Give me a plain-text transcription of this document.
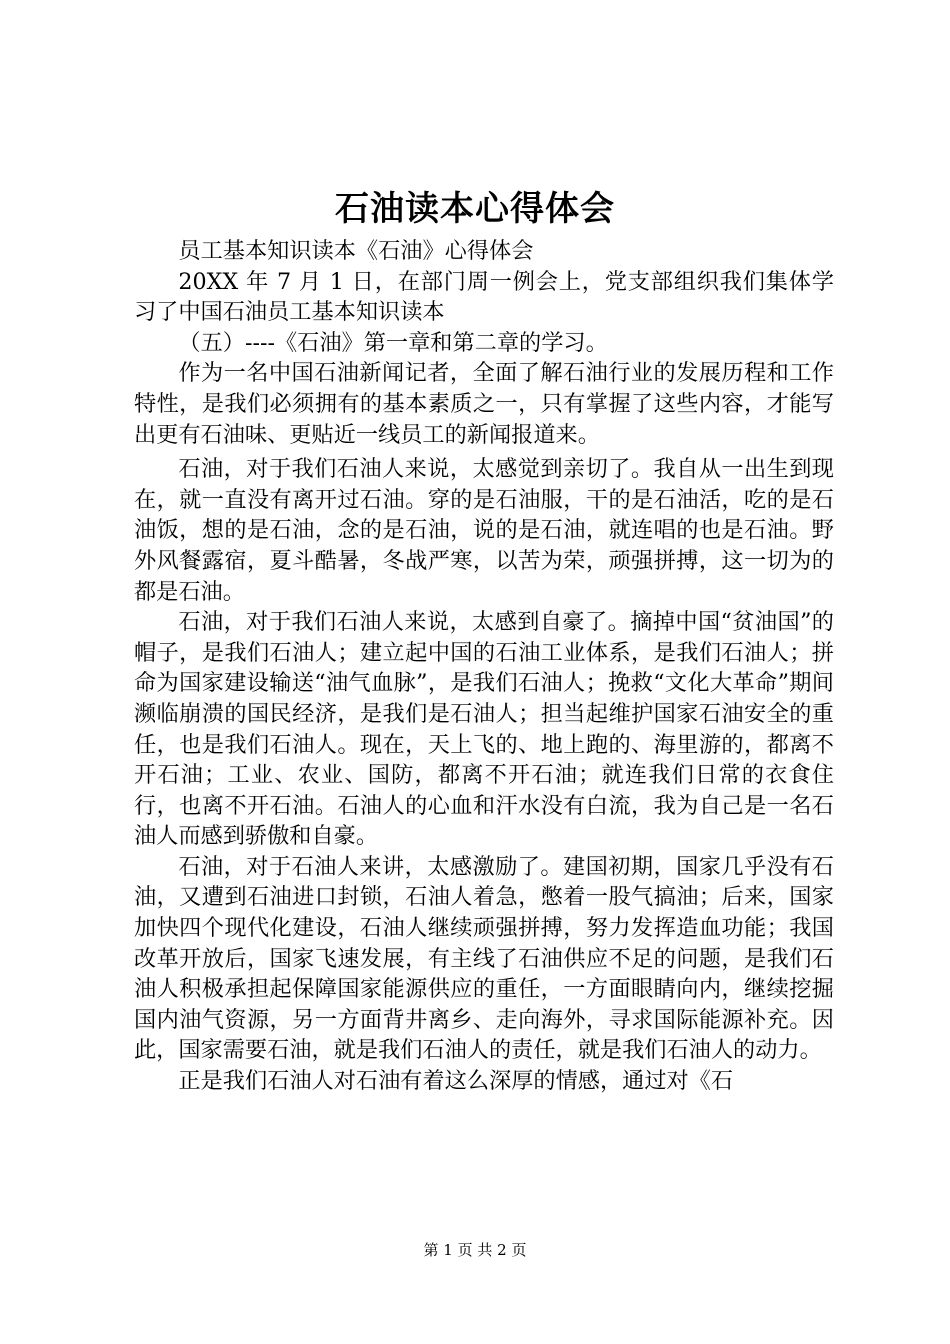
石油读本心得体会

员工基本知识读本《石油》心得体会

20XX 年 7 月 1 日，在部门周一例会上，党支部组织我们集体学习了中国石油员工基本知识读本

（五）----《石油》第一章和第二章的学习。

作为一名中国石油新闻记者，全面了解石油行业的发展历程和工作特性，是我们必须拥有的基本素质之一，只有掌握了这些内容，才能写出更有石油味、更贴近一线员工的新闻报道来。

石油，对于我们石油人来说，太感觉到亲切了。我自从一出生到现在，就一直没有离开过石油。穿的是石油服，干的是石油活，吃的是石油饭，想的是石油，念的是石油，说的是石油，就连唱的也是石油。野外风餐露宿，夏斗酷暑，冬战严寒，以苦为荣，顽强拼搏，这一切为的都是石油。

石油，对于我们石油人来说，太感到自豪了。摘掉中国“贫油国”的帽子，是我们石油人；建立起中国的石油工业体系，是我们石油人；拼命为国家建设输送“油气血脉”，是我们石油人；挽救“文化大革命”期间濒临崩溃的国民经济，是我们是石油人；担当起维护国家石油安全的重任，也是我们石油人。现在，天上飞的、地上跑的、海里游的，都离不开石油；工业、农业、国防，都离不开石油；就连我们日常的衣食住行，也离不开石油。石油人的心血和汗水没有白流，我为自己是一名石油人而感到骄傲和自豪。

石油，对于石油人来讲，太感激励了。建国初期，国家几乎没有石油，又遭到石油进口封锁，石油人着急，憋着一股气搞油；后来，国家加快四个现代化建设，石油人继续顽强拼搏，努力发挥造血功能；我国改革开放后，国家飞速发展，有主线了石油供应不足的问题，是我们石油人积极承担起保障国家能源供应的重任，一方面眼睛向内，继续挖掘国内油气资源，另一方面背井离乡、走向海外，寻求国际能源补充。因此，国家需要石油，就是我们石油人的责任，就是我们石油人的动力。

正是我们石油人对石油有着这么深厚的情感，通过对《石

第 1 页 共 2 页
